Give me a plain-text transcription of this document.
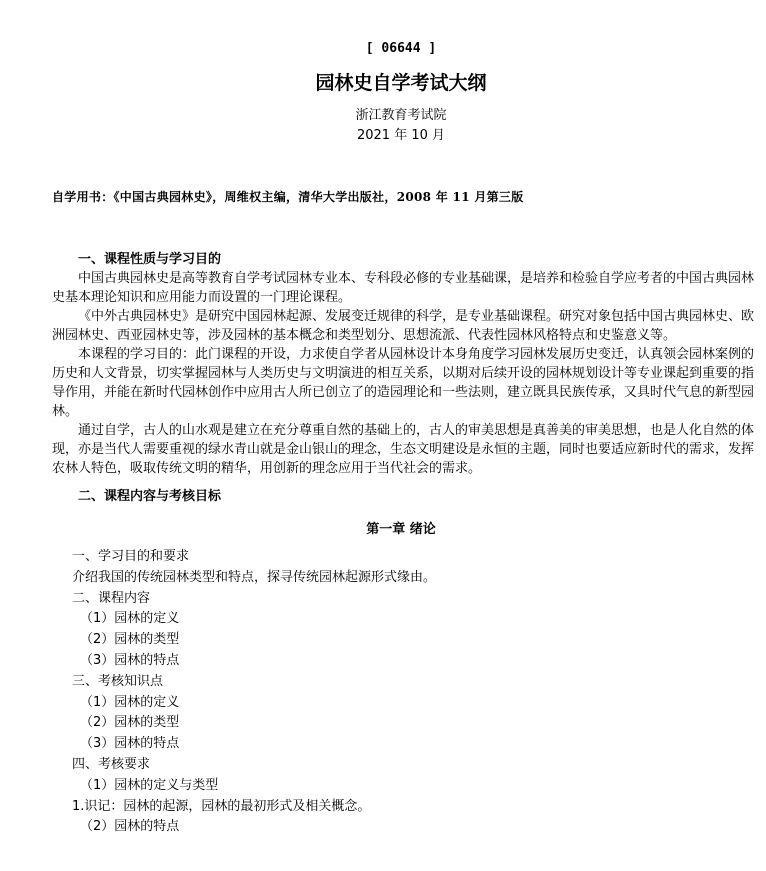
[ 06644 ]
园林史自学考试大纲
浙江教育考试院
2021 年 10 月
自学用书：《中国古典园林史》，周维权主编，清华大学出版社，2008 年 11 月第三版
一、课程性质与学习目的

中国古典园林史是高等教育自学考试园林专业本、专科段必修的专业基础课，是培养和检验自学应考者的中国古典园林史基本理论知识和应用能力而设置的一门理论课程。

《中外古典园林史》是研究中国园林起源、发展变迁规律的科学，是专业基础课程。研究对象包括中国古典园林史、欧洲园林史、西亚园林史等，涉及园林的基本概念和类型划分、思想流派、代表性园林风格特点和史鉴意义等。

本课程的学习目的：此门课程的开设，力求使自学者从园林设计本身角度学习园林发展历史变迁，认真领会园林案例的历史和人文背景，切实掌握园林与人类历史与文明演进的相互关系，以期对后续开设的园林规划设计等专业课起到重要的指导作用，并能在新时代园林创作中应用古人所已创立了的造园理论和一些法则，建立既具民族传承，又具时代气息的新型园林。

通过自学，古人的山水观是建立在充分尊重自然的基础上的，古人的审美思想是真善美的审美思想，也是人化自然的体现，亦是当代人需要重视的绿水青山就是金山银山的理念，生态文明建设是永恒的主题，同时也要适应新时代的需求，发挥农林人特色，吸取传统文明的精华，用创新的理念应用于当代社会的需求。

二、课程内容与考核目标
第一章 绪论

一、学习目的和要求

介绍我国的传统园林类型和特点，探寻传统园林起源形式缘由。

二、课程内容

（1）园林的定义

（2）园林的类型

（3）园林的特点

三、考核知识点

（1）园林的定义

（2）园林的类型

（3）园林的特点

四、考核要求

（1）园林的定义与类型

1.识记：园林的起源，园林的最初形式及相关概念。

（2）园林的特点
